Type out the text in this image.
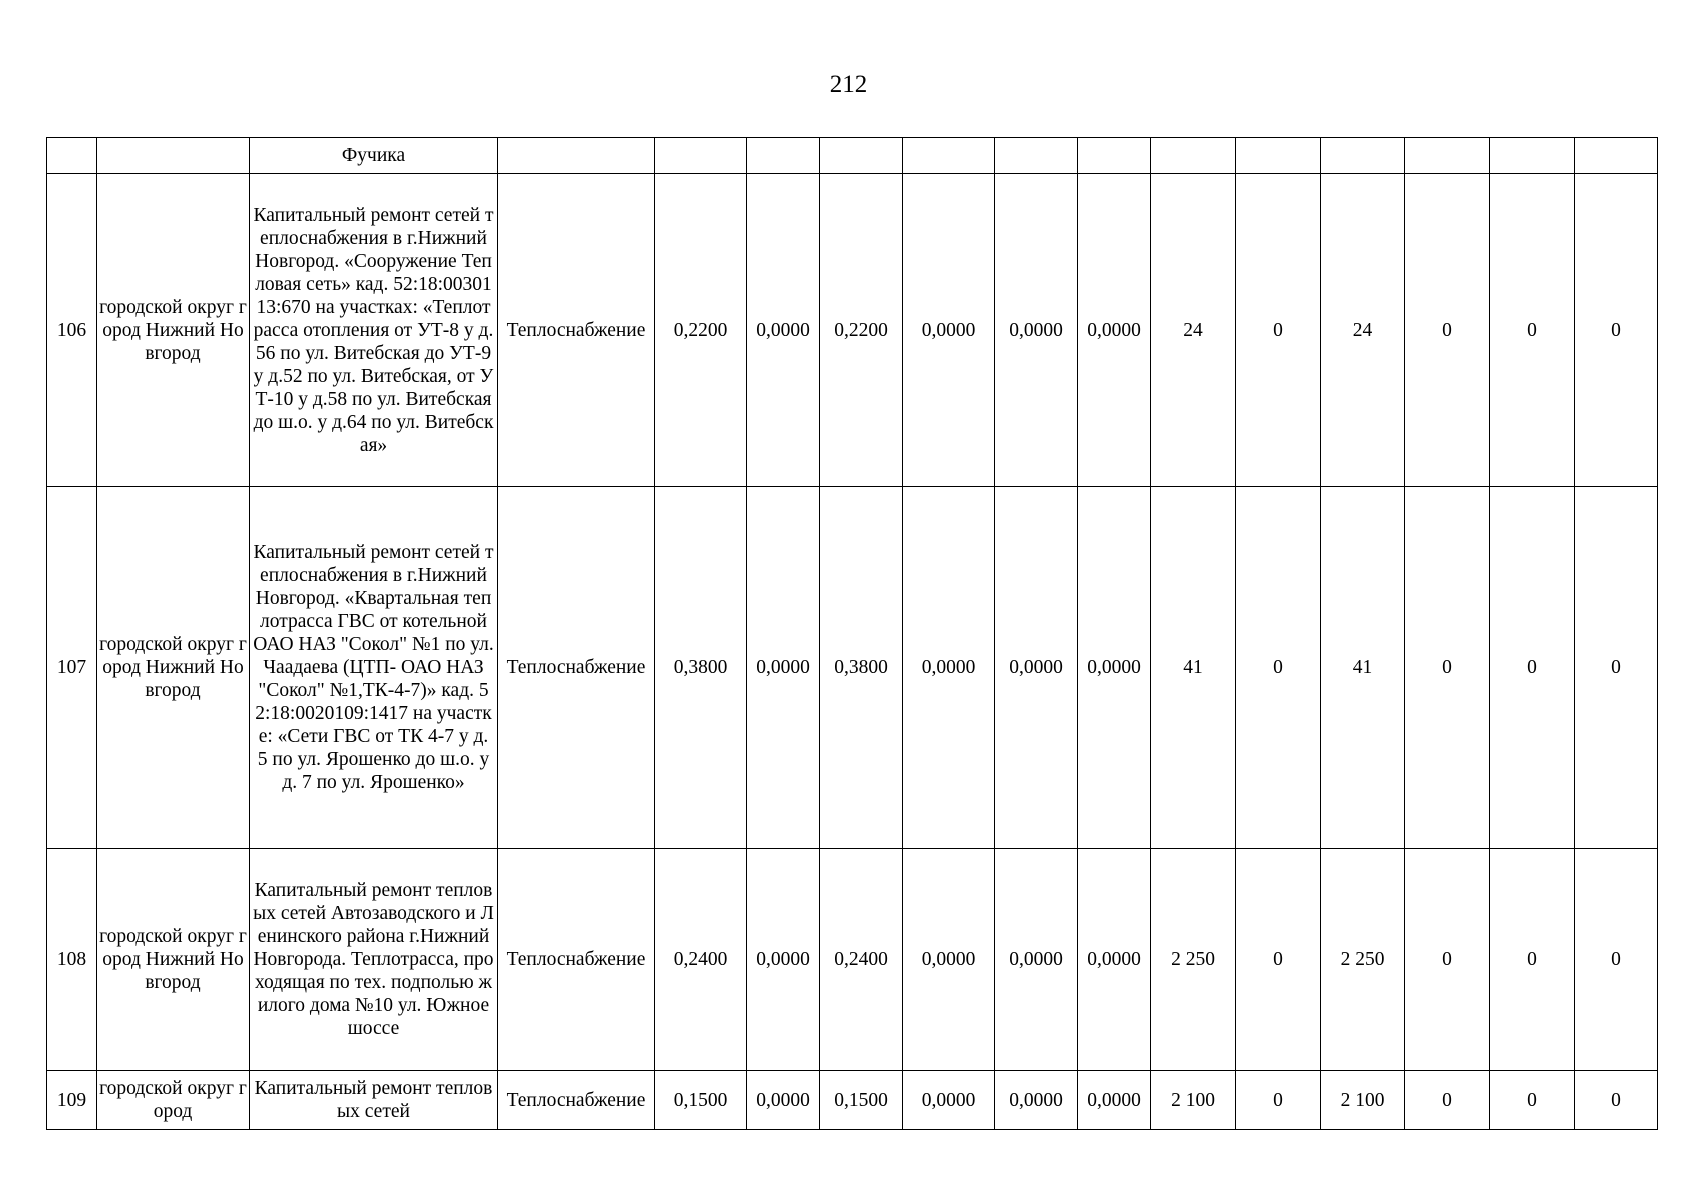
212
		Фучика													
106	городской округ город Нижний Новгород	Капитальный ремонт сетей теплоснабжения в г.Нижний Новгород. «Сооружение Тепловая сеть» кад. 52:18:0030113:670 на участках: «Теплотрасса отопления от УТ-8 у д.56 по ул. Витебская до УТ-9 у д.52 по ул. Витебская, от УТ-10 у д.58 по ул. Витебская до ш.о. у д.64 по ул. Витебская»	Теплоснабжение	0,2200	0,0000	0,2200	0,0000	0,0000	0,0000	24	0	24	0	0	0
107	городской округ город Нижний Новгород	Капитальный ремонт сетей теплоснабжения в г.Нижний Новгород. «Квартальная теплотрасса ГВС от котельной ОАО НАЗ "Сокол" №1 по ул. Чаадаева (ЦТП- ОАО НАЗ "Сокол" №1,ТК-4-7)» кад. 52:18:0020109:1417 на участке: «Сети ГВС от ТК 4-7 у д. 5 по ул. Ярошенко до ш.о. у д. 7 по ул. Ярошенко»	Теплоснабжение	0,3800	0,0000	0,3800	0,0000	0,0000	0,0000	41	0	41	0	0	0
108	городской округ город Нижний Новгород	Капитальный ремонт тепловых сетей Автозаводского и Ленинского района г.Нижний Новгорода. Теплотрасса, проходящая по тех. подполью жилого дома №10 ул. Южное шоссе	Теплоснабжение	0,2400	0,0000	0,2400	0,0000	0,0000	0,0000	2 250	0	2 250	0	0	0
109	городской округ город	Капитальный ремонт тепловых сетей	Теплоснабжение	0,1500	0,0000	0,1500	0,0000	0,0000	0,0000	2 100	0	2 100	0	0	0
